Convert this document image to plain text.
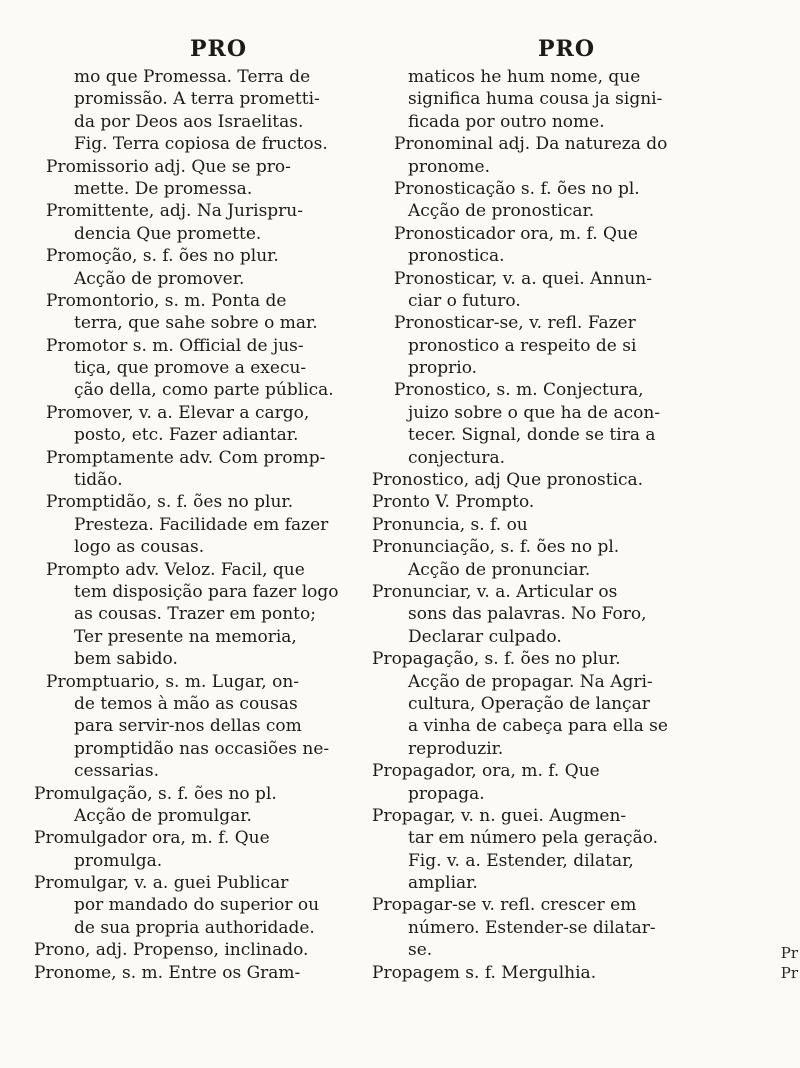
PRO	PRO
mo que Promessa. Terra de
promissão. A terra prometti-
da por Deos aos Israelitas.
Fig. Terra copiosa de fructos.
Promissorio adj. Que se pro-
mette. De promessa.
Promittente, adj. Na Jurispru-
dencia Que promette.
Promoção, s. f. ões no plur.
Acção de promover.
Promontorio, s. m. Ponta de
terra, que sahe sobre o mar.
Promotor s. m. Official de jus-
tiça, que promove a execu-
ção della, como parte pública.
Promover, v. a. Elevar a cargo,
posto, etc. Fazer adiantar.
Promptamente adv. Com promp-
tidão.
Promptidão, s. f. ões no plur.
Presteza. Facilidade em fazer
logo as cousas.
Prompto adv. Veloz. Facil, que
tem disposição para fazer logo
as cousas. Trazer em ponto;
Ter presente na memoria,
bem sabido.
Promptuario, s. m. Lugar, on-
de temos à mão as cousas
para servir-nos dellas com
promptidão nas occasiões ne-
cessarias.
Promulgação, s. f. ões no pl.
Acção de promulgar.
Promulgador ora, m. f. Que
promulga.
Promulgar, v. a. guei Publicar
por mandado do superior ou
de sua propria authoridade.
Prono, adj. Propenso, inclinado.
Pronome, s. m. Entre os Gram-
maticos he hum nome, que
significa huma cousa ja signi-
ficada por outro nome.
Pronominal adj. Da natureza do
pronome.
Pronosticação s. f. ões no pl.
Acção de pronosticar.
Pronosticador ora, m. f. Que
pronostica.
Pronosticar, v. a. quei. Annun-
ciar o futuro.
Pronosticar-se, v. refl. Fazer
pronostico a respeito de si
proprio.
Pronostico, s. m. Conjectura,
juizo sobre o que ha de acon-
tecer. Signal, donde se tira a
conjectura.
Pronostico, adj Que pronostica.
Pronto V. Prompto.
Pronuncia, s. f. ou
Pronunciação, s. f. ões no pl.
Acção de pronunciar.
Pronunciar, v. a. Articular os
sons das palavras. No Foro,
Declarar culpado.
Propagação, s. f. ões no plur.
Acção de propagar. Na Agri-
cultura, Operação de lançar
a vinha de cabeça para ella se
reproduzir.
Propagador, ora, m. f. Que
propaga.
Propagar, v. n. guei. Augmen-
tar em número pela geração.
Fig. v. a. Estender, dilatar,
ampliar.
Propagar-se v. refl. crescer em
número. Estender-se dilatar-
se.
Propagem s. f. Mergulhia.
Pr
Pr
